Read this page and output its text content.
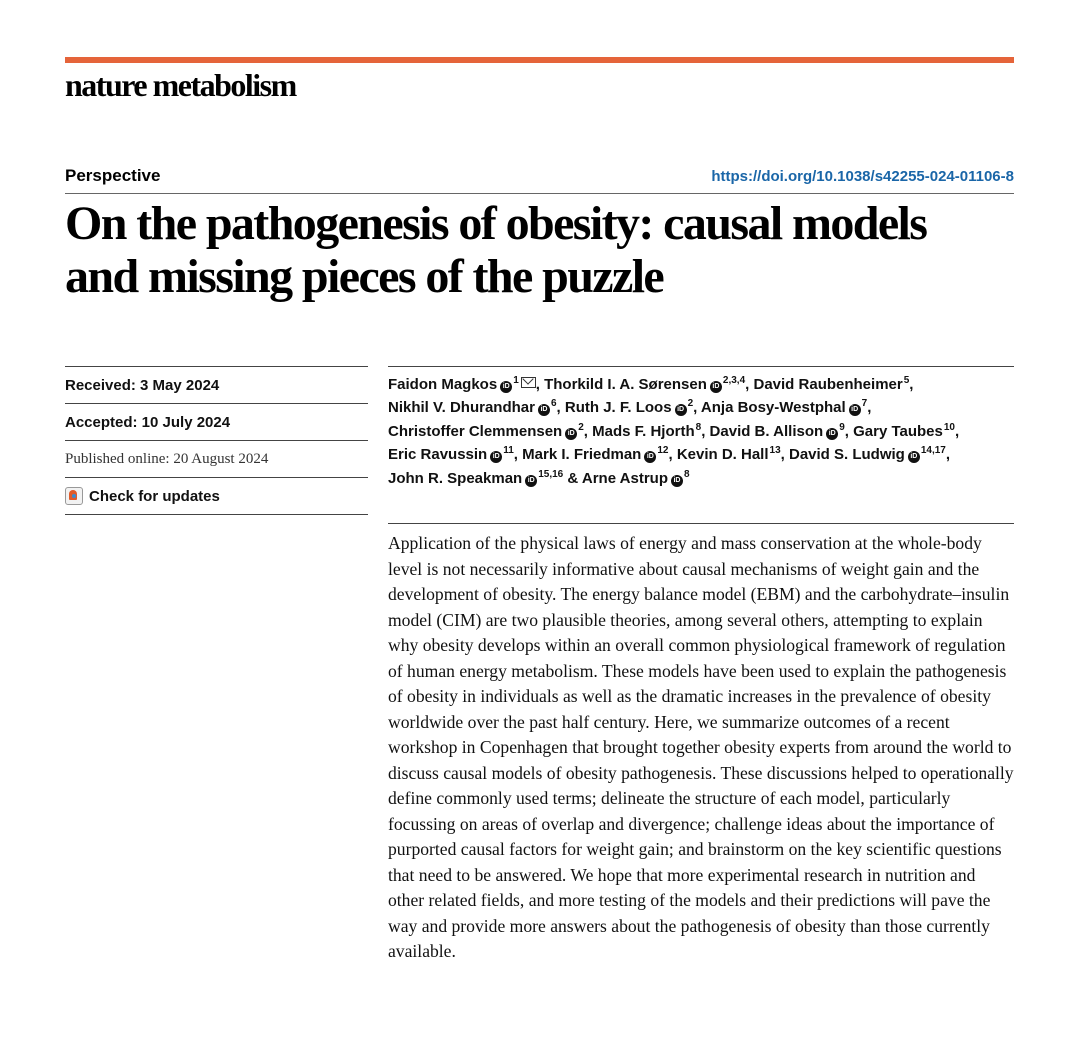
nature metabolism
Perspective	https://doi.org/10.1038/s42255-024-01106-8
On the pathogenesis of obesity: causal models and missing pieces of the puzzle
Received: 3 May 2024
Accepted: 10 July 2024
Published online: 20 August 2024
Check for updates
Faidon MagkosiD $^1$ , Thorkild I. A. SørenseniD $^{2,3,4}$, David Raubenheimer$^5$, Nikhil V. DhurandhariD $^6$, Ruth J. F. LoosiD $^2$, Anja Bosy-WestphaliD $^7$, Christoffer ClemmenseniD $^2$, Mads F. Hjorth$^8$, David B. AllisoniD $^9$, Gary Taubes$^{10}$, Eric RavussiniD $^{11}$, Mark I. FriedmaniD $^{12}$, Kevin D. Hall$^{13}$, David S. LudwigiD $^{14,17}$, John R. SpeakmaniD $^{15,16}$ & Arne AstrupiD $^8$

Application of the physical laws of energy and mass conservation at the whole-body level is not necessarily informative about causal mechanisms of weight gain and the development of obesity. The energy balance model (EBM) and the carbohydrate–insulin model (CIM) are two plausible theories, among several others, attempting to explain why obesity develops within an overall common physiological framework of regulation of human energy metabolism. These models have been used to explain the pathogenesis of obesity in individuals as well as the dramatic increases in the prevalence of obesity worldwide over the past half century. Here, we summarize outcomes of a recent workshop in Copenhagen that brought together obesity experts from around the world to discuss causal models of obesity pathogenesis. These discussions helped to operationally define commonly used terms; delineate the structure of each model, particularly focussing on areas of overlap and divergence; challenge ideas about the importance of purported causal factors for weight gain; and brainstorm on the key scientific questions that need to be answered. We hope that more experimental research in nutrition and other related fields, and more testing of the models and their predictions will pave the way and provide more answers about the pathogenesis of obesity than those currently available.
